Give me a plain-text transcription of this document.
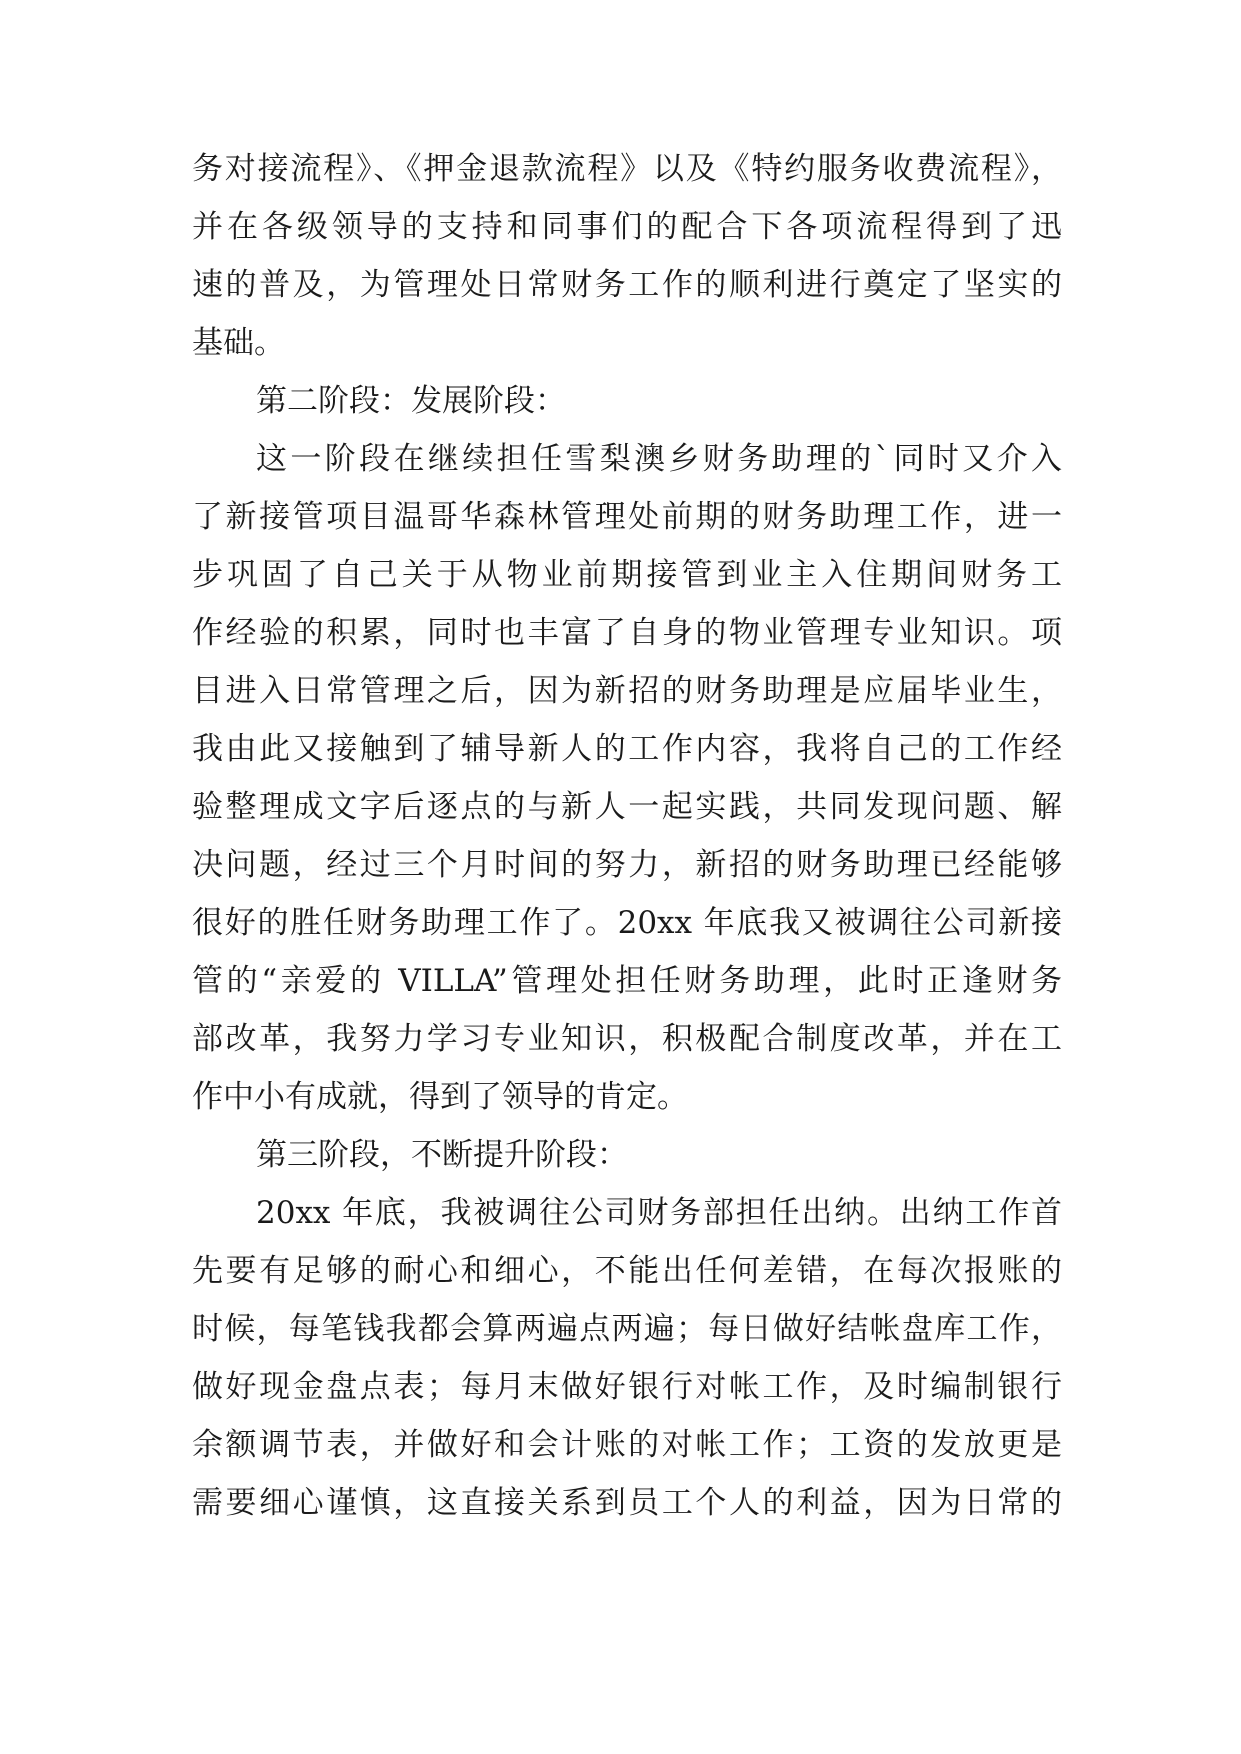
务对接流程》、《押金退款流程》以及《特约服务收费流程》，
并在各级领导的支持和同事们的配合下各项流程得到了迅
速的普及，为管理处日常财务工作的顺利进行奠定了坚实的
基础。
第二阶段：发展阶段：
这一阶段在继续担任雪梨澳乡财务助理的`同时又介入
了新接管项目温哥华森林管理处前期的财务助理工作，进一
步巩固了自己关于从物业前期接管到业主入住期间财务工
作经验的积累，同时也丰富了自身的物业管理专业知识。项
目进入日常管理之后，因为新招的财务助理是应届毕业生，
我由此又接触到了辅导新人的工作内容，我将自己的工作经
验整理成文字后逐点的与新人一起实践，共同发现问题、解
决问题，经过三个月时间的努力，新招的财务助理已经能够
很好的胜任财务助理工作了。20xx 年底我又被调往公司新接
管的“亲爱的 VILLA”管理处担任财务助理，此时正逢财务
部改革，我努力学习专业知识，积极配合制度改革，并在工
作中小有成就，得到了领导的肯定。
第三阶段，不断提升阶段：
20xx 年底，我被调往公司财务部担任出纳。出纳工作首
先要有足够的耐心和细心，不能出任何差错，在每次报账的
时候，每笔钱我都会算两遍点两遍；每日做好结帐盘库工作，
做好现金盘点表；每月末做好银行对帐工作，及时编制银行
余额调节表，并做好和会计账的对帐工作；工资的发放更是
需要细心谨慎，这直接关系到员工个人的利益，因为日常的
